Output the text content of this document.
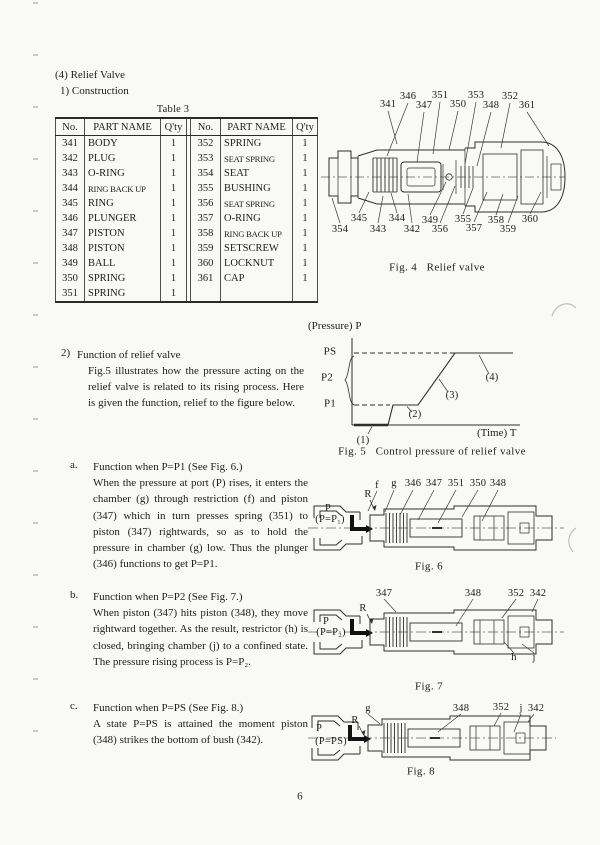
(4) Relief Valve
1) Construction
Table 3
No.	PART NAME	Q'ty		No.	PART NAME	Q'ty
341	BODY	1		352	SPRING	1
342	PLUG	1		353	SEAT SPRING	1
343	O-RING	1		354	SEAT	1
344	RING BACK UP	1		355	BUSHING	1
345	RING	1		356	SEAT SPRING	1
346	PLUNGER	1		357	O-RING	1
347	PISTON	1		358	RING BACK UP	1
348	PISTON	1		359	SETSCREW	1
349	BALL	1		360	LOCKNUT	1
350	SPRING	1		361	CAP	1
351	SPRING	1				
346 351 353 352
341 347 350 348 361
345 344 349 355 358 360
354 343 342 356 357 359
Fig. 4   Relief valve
2) Function of relief valve
Fig.5 illustrates how the pressure acting on the relief valve is related to its rising process. Here is given the function, relief to the figure below.
(Pressure) P
PS
P2
P1
(Time) T
(1)
(2)
(3)
(4)
Fig. 5   Control pressure of relief valve
a. Function when P=P1 (See Fig. 6.)
When the pressure at port (P) rises, it enters the chamber (g) through restriction (f) and piston (347) which in turn presses spring (351) to piston (347) rightwards, so as to hold the pressure in chamber (g) low. Thus the plunger (346) functions to get P=P1.
f g 346 347 351 350 348
R
P
(P=P₁)
Fig. 6
b. Function when P=P2 (See Fig. 7.)
When piston (347) hits piston (348), they move rightward together. As the result, restrictor (h) is closed, bringing chamber (j) to a confined state. The pressure rising process is P=P₂.
347	348	352 342
h j
R
P
(P=P₂)
Fig. 7
c. Function when P=PS (See Fig. 8.)
A state P=PS is attained the moment piston (348) strikes the bottom of bush (342).
g	348 352 j 342
R
P
(P=PS)
Fig. 8
6
